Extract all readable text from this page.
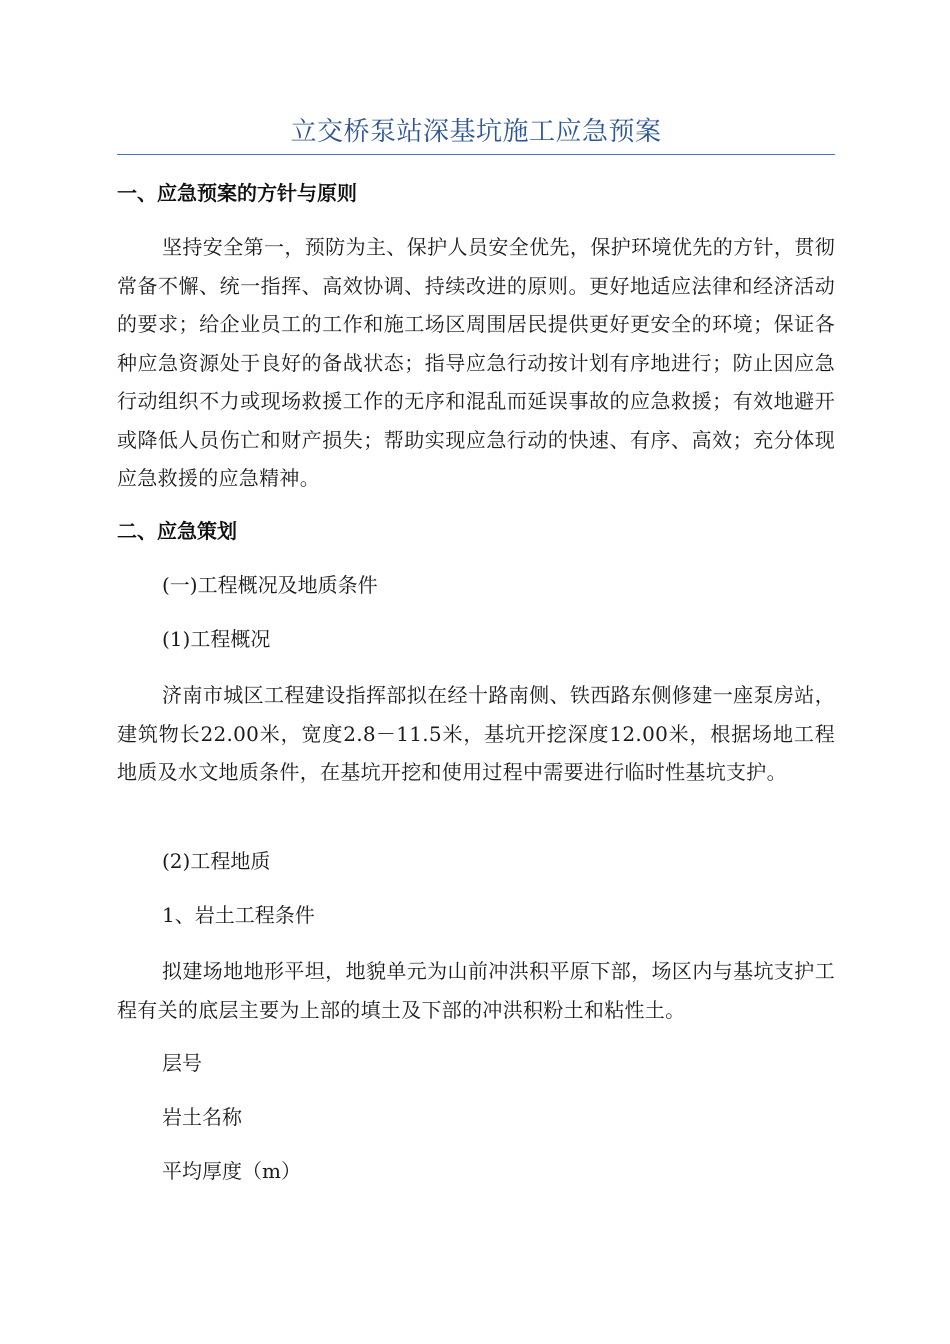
立交桥泵站深基坑施工应急预案
一、应急预案的方针与原则
坚持安全第一，预防为主、保护人员安全优先，保护环境优先的方针，贯彻常备不懈、统一指挥、高效协调、持续改进的原则。更好地适应法律和经济活动的要求；给企业员工的工作和施工场区周围居民提供更好更安全的环境；保证各种应急资源处于良好的备战状态；指导应急行动按计划有序地进行；防止因应急行动组织不力或现场救援工作的无序和混乱而延误事故的应急救援；有效地避开或降低人员伤亡和财产损失；帮助实现应急行动的快速、有序、高效；充分体现应急救援的应急精神。
二、应急策划
(一)工程概况及地质条件
(1)工程概况
济南市城区工程建设指挥部拟在经十路南侧、铁西路东侧修建一座泵房站，建筑物长22.00米，宽度2.8－11.5米，基坑开挖深度12.00米，根据场地工程地质及水文地质条件，在基坑开挖和使用过程中需要进行临时性基坑支护。
(2)工程地质
1、岩土工程条件
拟建场地地形平坦，地貌单元为山前冲洪积平原下部，场区内与基坑支护工程有关的底层主要为上部的填土及下部的冲洪积粉土和粘性土。
层号
岩土名称
平均厚度（m）
